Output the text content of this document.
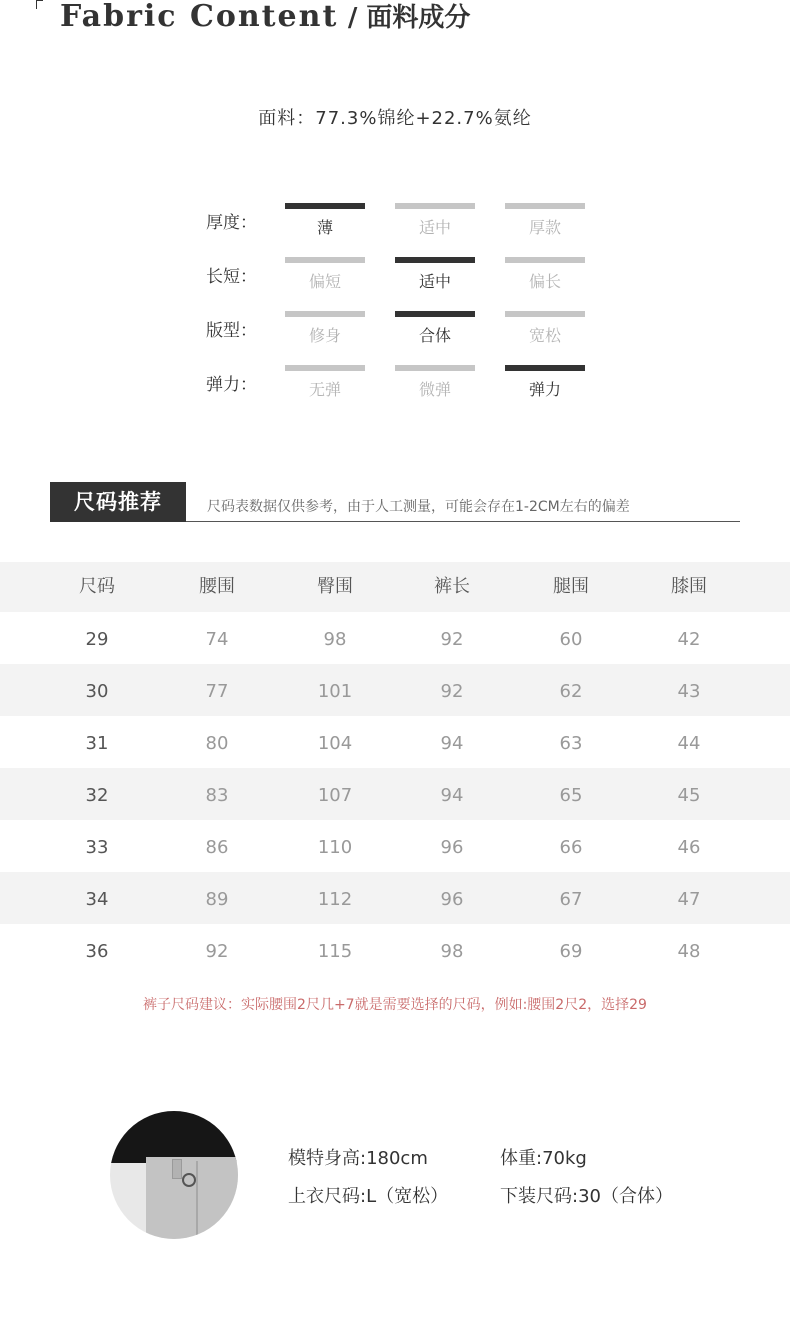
Fabric Content / 面料成分
面料：77.3%锦纶+22.7%氨纶
厚度：	薄	适中	厚款
长短：	偏短	适中	偏长
版型：	修身	合体	宽松
弹力：	无弹	微弹	弹力
尺码推荐	尺码表数据仅供参考，由于人工测量，可能会存在1-2CM左右的偏差
尺码	腰围	臀围	裤长	腿围	膝围
29	74	98	92	60	42
30	77	101	92	62	43
31	80	104	94	63	44
32	83	107	94	65	45
33	86	110	96	66	46
34	89	112	96	67	47
36	92	115	98	69	48
裤子尺码建议：实际腰围2尺几+7就是需要选择的尺码，例如:腰围2尺2，选择29
模特身高:180cm	体重:70kg
上衣尺码:L（宽松）	下装尺码:30（合体）
